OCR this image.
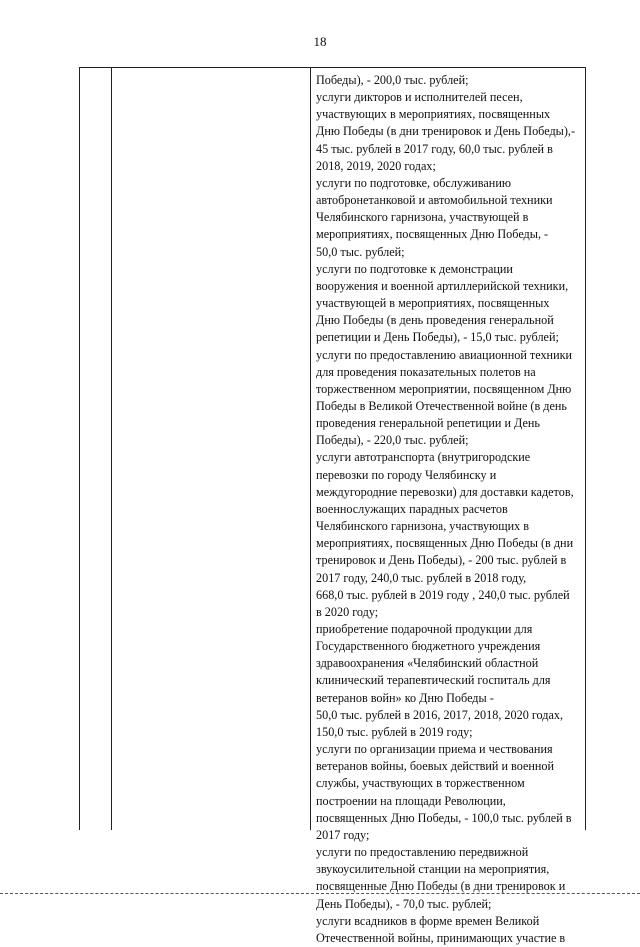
18
Победы), - 200,0 тыс. рублей;
услуги дикторов и исполнителей песен,
участвующих в мероприятиях, посвященных
Дню Победы (в дни тренировок и День Победы),-
45 тыс. рублей в 2017 году, 60,0 тыс. рублей в
2018, 2019, 2020 годах;
услуги по подготовке, обслуживанию
автобронетанковой и автомобильной техники
Челябинского гарнизона, участвующей в
мероприятиях, посвященных Дню Победы, -
50,0 тыс. рублей;
услуги по подготовке к демонстрации
вооружения и военной артиллерийской техники,
участвующей в мероприятиях, посвященных
Дню Победы (в день проведения генеральной
репетиции и День Победы), - 15,0 тыс. рублей;
услуги по предоставлению авиационной техники
для проведения показательных полетов на
торжественном мероприятии, посвященном Дню
Победы в Великой Отечественной войне (в день
проведения генеральной репетиции и День
Победы), - 220,0 тыс. рублей;
услуги автотранспорта (внутригородские
перевозки по городу Челябинску и
междугородние перевозки) для доставки кадетов,
военнослужащих парадных расчетов
Челябинского гарнизона, участвующих в
мероприятиях, посвященных Дню Победы (в дни
тренировок и День Победы), - 200 тыс. рублей в
2017 году, 240,0 тыс. рублей в 2018 году,
668,0 тыс. рублей в 2019 году , 240,0 тыс. рублей
в 2020 году;
приобретение подарочной продукции для
Государственного бюджетного учреждения
здравоохранения «Челябинский областной
клинический терапевтический госпиталь для
ветеранов войн» ко Дню Победы -
50,0 тыс. рублей в 2016, 2017, 2018, 2020 годах,
150,0 тыс. рублей в 2019 году;
услуги по организации приема и чествования
ветеранов войны, боевых действий и военной
службы, участвующих в торжественном
построении на площади Революции,
посвященных Дню Победы, - 100,0 тыс. рублей в
2017 году;
услуги по предоставлению передвижной
звукоусилительной станции на мероприятия,
посвященные Дню Победы (в дни тренировок и
День Победы), - 70,0 тыс. рублей;
услуги всадников в форме времен Великой
Отечественной войны, принимающих участие в
